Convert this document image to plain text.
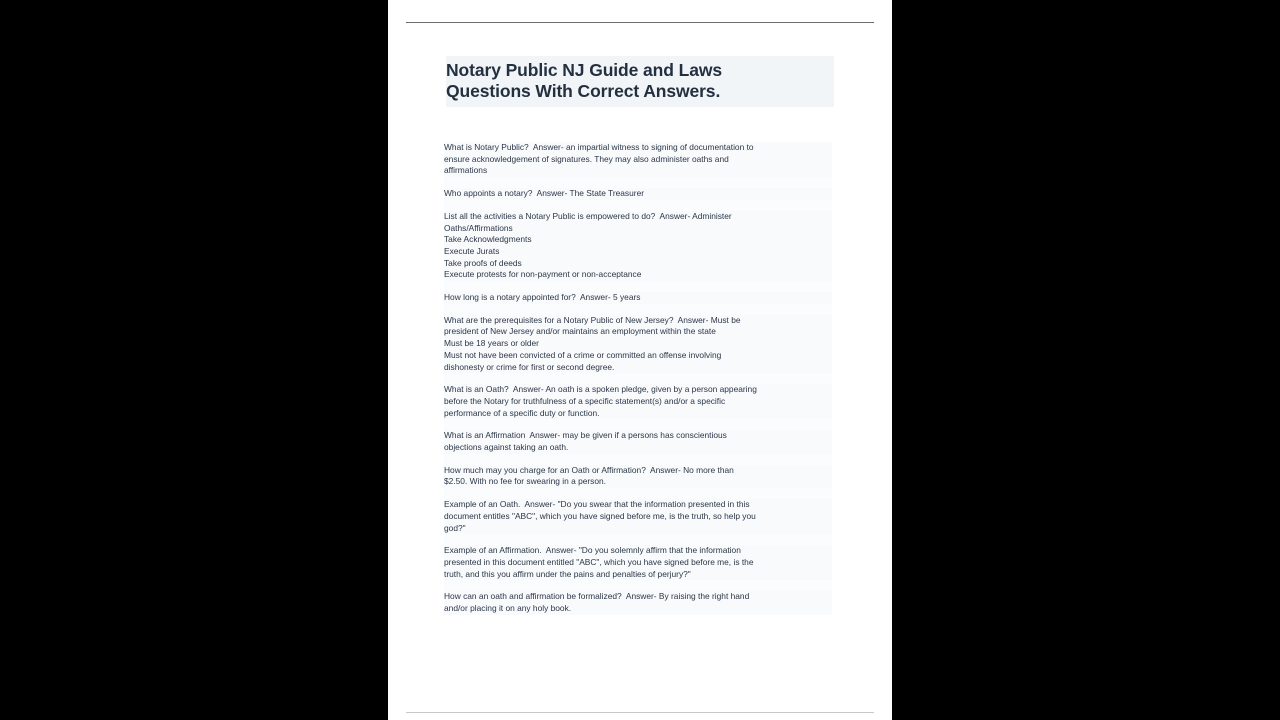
Notary Public NJ Guide and Laws
Questions With Correct Answers.

What is Notary Public?  Answer- an impartial witness to signing of documentation to
ensure acknowledgement of signatures. They may also administer oaths and
affirmations

Who appoints a notary?  Answer- The State Treasurer

List all the activities a Notary Public is empowered to do?  Answer- Administer
Oaths/Affirmations
Take Acknowledgments
Execute Jurats
Take proofs of deeds
Execute protests for non-payment or non-acceptance

How long is a notary appointed for?  Answer- 5 years

What are the prerequisites for a Notary Public of New Jersey?  Answer- Must be
president of New Jersey and/or maintains an employment within the state
Must be 18 years or older
Must not have been convicted of a crime or committed an offense involving
dishonesty or crime for first or second degree.

What is an Oath?  Answer- An oath is a spoken pledge, given by a person appearing
before the Notary for truthfulness of a specific statement(s) and/or a specific
performance of a specific duty or function.

What is an Affirmation  Answer- may be given if a persons has conscientious
objections against taking an oath.

How much may you charge for an Oath or Affirmation?  Answer- No more than
$2.50. With no fee for swearing in a person.

Example of an Oath.  Answer- "Do you swear that the information presented in this
document entitles "ABC", which you have signed before me, is the truth, so help you
god?"

Example of an Affirmation.  Answer- "Do you solemnly affirm that the information
presented in this document entitled "ABC", which you have signed before me, is the
truth, and this you affirm under the pains and penalties of perjury?"

How can an oath and affirmation be formalized?  Answer- By raising the right hand
and/or placing it on any holy book.
